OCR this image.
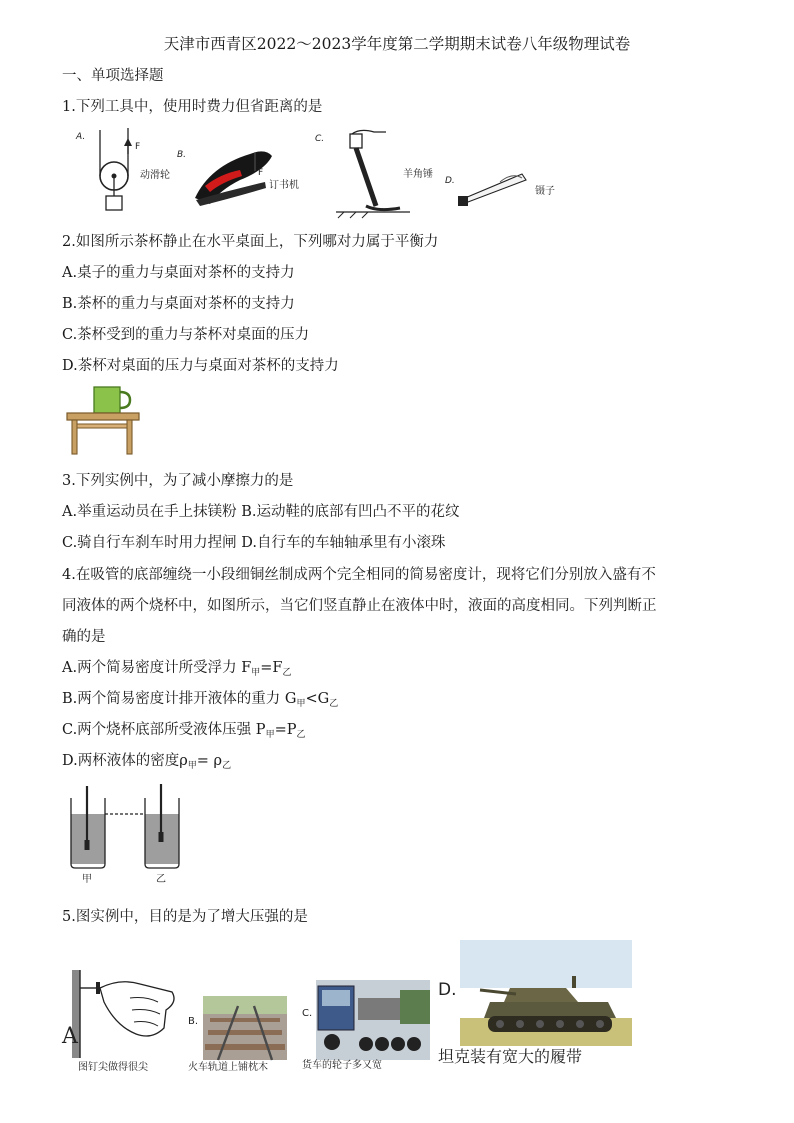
天津市西青区2022～2023学年度第二学期期末试卷八年级物理试卷
一、单项选择题
1.下列工具中，使用时费力但省距离的是
A.
F
动滑轮
B.
F
订书机
C.
羊角锤
D.
镊子
2.如图所示茶杯静止在水平桌面上，下列哪对力属于平衡力
A.桌子的重力与桌面对茶杯的支持力
B.茶杯的重力与桌面对茶杯的支持力
C.茶杯受到的重力与茶杯对桌面的压力
D.茶杯对桌面的压力与桌面对茶杯的支持力
3.下列实例中，为了减小摩擦力的是
A.举重运动员在手上抹镁粉 B.运动鞋的底部有凹凸不平的花纹
C.骑自行车刹车时用力捏闸 D.自行车的车轴轴承里有小滚珠
4.在吸管的底部缠绕一小段细铜丝制成两个完全相同的简易密度计，现将它们分别放入盛有不
同液体的两个烧杯中，如图所示，当它们竖直静止在液体中时，液面的高度相同。下列判断正
确的是
A.两个简易密度计所受浮力 $F_甲=F_乙$
B.两个简易密度计排开液体的重力 $G_甲<G_乙$
C.两个烧杯底部所受液体压强 $P_甲=P_乙$
D.两杯液体的密度$\rho_甲= \rho_乙$
甲	乙
5.图实例中，目的是为了增大压强的是
A
图钉尖做得很尖
B.
火车轨道上铺枕木
C.
货车的轮子多又宽
D.
坦克装有宽大的履带
